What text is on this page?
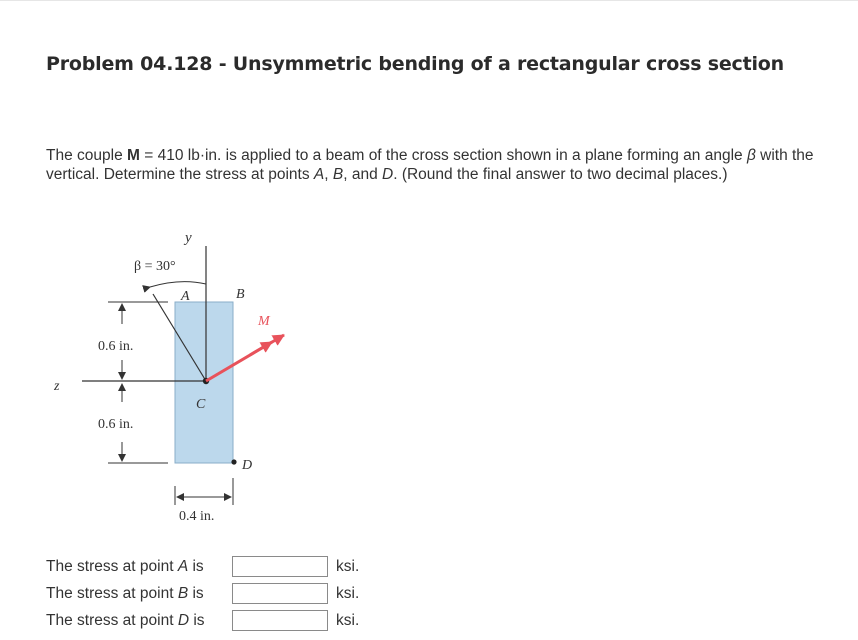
Problem 04.128 - Unsymmetric bending of a rectangular cross section

The couple M = 410 lb·in. is applied to a beam of the cross section shown in a plane forming an angle β with the vertical. Determine the stress at points A, B, and D. (Round the final answer to two decimal places.)

y
z
β = 30°
A	B
C
D
M
0.6 in.
0.6 in.
0.4 in.
The stress at point A is	ksi.
The stress at point B is	ksi.
The stress at point D is	ksi.
